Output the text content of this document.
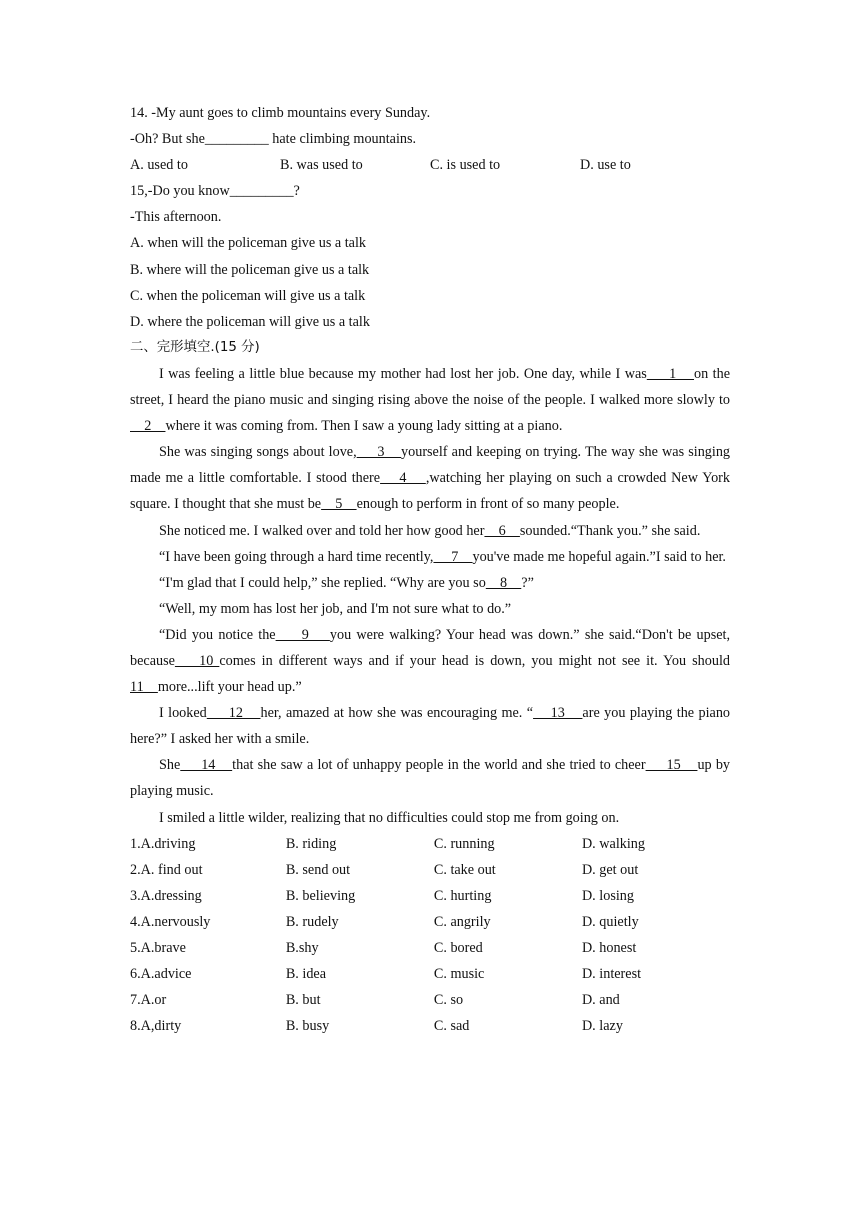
14. -My aunt goes to climb mountains every Sunday.
-Oh? But she_________ hate climbing mountains.
A. used to	B. was used to	C. is used to	D. use to
15,-Do you know_________?
-This afternoon.
A. when will the policeman give us a talk
B. where will the policeman give us a talk
C. when the policeman will give us a talk
D. where the policeman will give us a talk
二、完形填空.(15 分)

I was feeling a little blue because my mother had lost her job. One day, while I was     1    on the street, I heard the piano music and singing rising above the noise of the people. I walked more slowly to    2    where it was coming from. Then I saw a young lady sitting at a piano.

She was singing songs about love,     3    yourself and keeping on trying. The way she was singing made me a little comfortable. I stood there    4    ,watching her playing on such a crowded New York square. I thought that she must be    5    enough to perform in front of so many people.

She noticed me. I walked over and told her how good her    6    sounded.“Thank you.” she said.

“I have been going through a hard time recently,     7    you've made me hopeful again.”I said to her.

“I'm glad that I could help,” she replied. “Why are you so    8    ?”

“Well, my mom has lost her job, and I'm not sure what to do.”

“Did you notice the     9    you were walking? Your head was down.” she said.“Don't be upset, because    10 comes in different ways and if your head is down, you might not see it. You should 11    more...lift your head up.”

I looked     12    her, amazed at how she was encouraging me. “    13    are you playing the piano here?” I asked her with a smile.

She     14    that she saw a lot of unhappy people in the world and she tried to cheer     15    up by playing music.

I smiled a little wilder, realizing that no difficulties could stop me from going on.

1.A.driving	B. riding	C. running	D. walking
2.A. find out	B. send out	C. take out	D. get out
3.A.dressing	B. believing	C. hurting	D. losing
4.A.nervously	B. rudely	C. angrily	D. quietly
5.A.brave	B.shy	C. bored	D. honest
6.A.advice	B. idea	C. music	D. interest
7.A.or	B. but	C. so	D. and
8.A,dirty	B. busy	C. sad	D. lazy
